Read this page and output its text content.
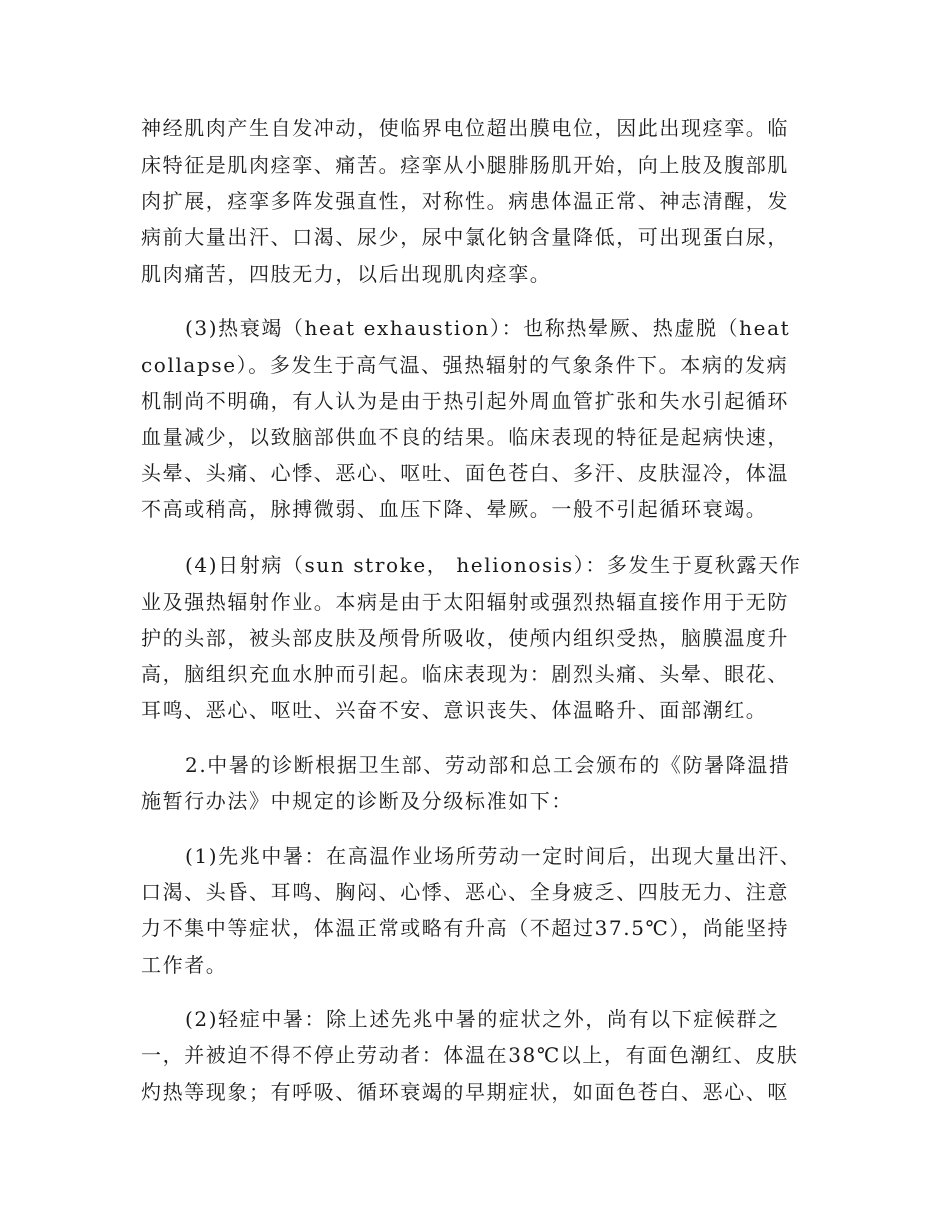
神经肌肉产生自发冲动，使临界电位超出膜电位，因此出现痉挛。临
床特征是肌肉痉挛、痛苦。痉挛从小腿腓肠肌开始，向上肢及腹部肌
肉扩展，痉挛多阵发强直性，对称性。病患体温正常、神志清醒，发
病前大量出汗、口渴、尿少，尿中氯化钠含量降低，可出现蛋白尿，
肌肉痛苦，四肢无力，以后出现肌肉痉挛。
(3)热衰竭（heat exhaustion）：也称热晕厥、热虚脱（heat
collapse）。多发生于高气温、强热辐射的气象条件下。本病的发病
机制尚不明确，有人认为是由于热引起外周血管扩张和失水引起循环
血量减少，以致脑部供血不良的结果。临床表现的特征是起病快速，
头晕、头痛、心悸、恶心、呕吐、面色苍白、多汗、皮肤湿冷，体温
不高或稍高，脉搏微弱、血压下降、晕厥。一般不引起循环衰竭。
(4)日射病（sun stroke， helionosis）：多发生于夏秋露天作
业及强热辐射作业。本病是由于太阳辐射或强烈热辐直接作用于无防
护的头部，被头部皮肤及颅骨所吸收，使颅内组织受热，脑膜温度升
高，脑组织充血水肿而引起。临床表现为：剧烈头痛、头晕、眼花、
耳鸣、恶心、呕吐、兴奋不安、意识丧失、体温略升、面部潮红。
2.中暑的诊断根据卫生部、劳动部和总工会颁布的《防暑降温措
施暂行办法》中规定的诊断及分级标准如下：
(1)先兆中暑：在高温作业场所劳动一定时间后，出现大量出汗、
口渴、头昏、耳鸣、胸闷、心悸、恶心、全身疲乏、四肢无力、注意
力不集中等症状，体温正常或略有升高（不超过37.5℃），尚能坚持
工作者。
(2)轻症中暑：除上述先兆中暑的症状之外，尚有以下症候群之
一，并被迫不得不停止劳动者：体温在38℃以上，有面色潮红、皮肤
灼热等现象；有呼吸、循环衰竭的早期症状，如面色苍白、恶心、呕
